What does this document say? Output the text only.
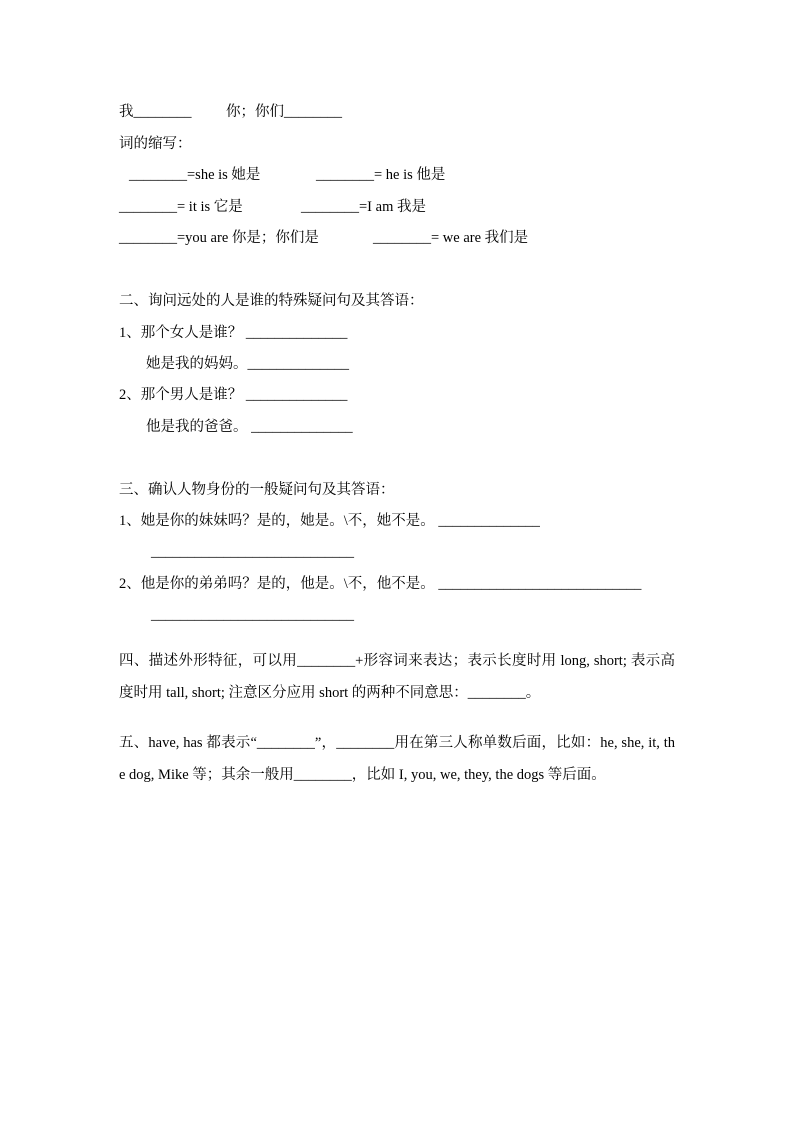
我________ 你；你们________
词的缩写：
________=she is 她是	________= he is 他是
________= it is 它是	________=I am 我是
________=you are 你是；你们是	________= we are 我们是
二、询问远处的人是谁的特殊疑问句及其答语：
1、那个女人是谁？ ______________
她是我的妈妈。______________
2、那个男人是谁？ ______________
他是我的爸爸。 ______________
三、确认人物身份的一般疑问句及其答语：
1、她是你的妹妹吗？是的，她是。\不，她不是。 ______________
____________________________
2、他是你的弟弟吗？是的，他是。\不，他不是。 ____________________________
____________________________
四、描述外形特征，可以用________+形容词来表达；表示长度时用 long, short; 表示高度时用 tall, short; 注意区分应用 short 的两种不同意思：________。
五、have, has 都表示“________”，________用在第三人称单数后面，比如：he, she, it, the dog, Mike 等；其余一般用________，比如 I, you, we, they, the dogs 等后面。
